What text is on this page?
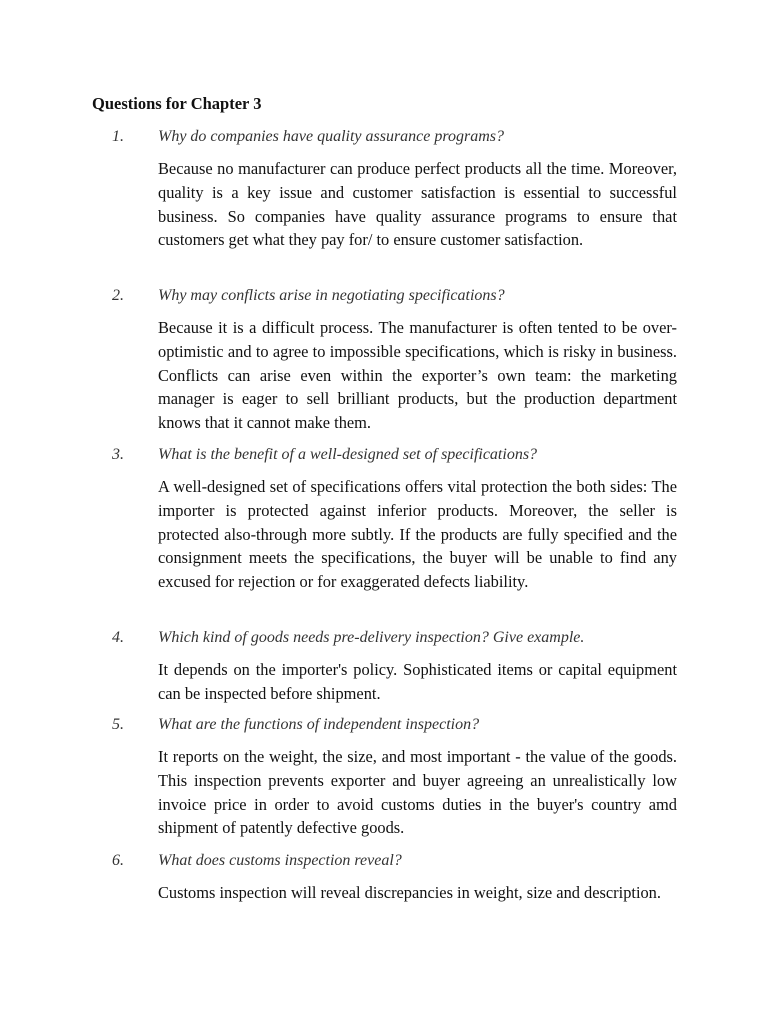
Questions for Chapter 3
1. Why do companies have quality assurance programs?
Because no manufacturer can produce perfect products all the time. Moreover, quality is a key issue and customer satisfaction is essential to successful business. So companies have quality assurance programs to ensure that customers get what they pay for/ to ensure customer satisfaction.
2. Why may conflicts arise in negotiating specifications?
Because it is a difficult process. The manufacturer is often tented to be over- optimistic and to agree to impossible specifications, which is risky in business. Conflicts can arise even within the exporter’s own team: the marketing manager is eager to sell brilliant products, but the production department knows that it cannot make them.
3. What is the benefit of a well-designed set of specifications?
A well-designed set of specifications offers vital protection the both sides: The importer is protected against inferior products. Moreover, the seller is protected also-through more subtly. If the products are fully specified and the consignment meets the specifications, the buyer will be unable to find any excused for rejection or for exaggerated defects liability.
4. Which kind of goods needs pre-delivery inspection? Give example.
It depends on the importer's policy. Sophisticated items or capital equipment can be inspected before shipment.
5. What are the functions of independent inspection?
It reports on the weight, the size, and most important - the value of the goods. This inspection prevents exporter and buyer agreeing an unrealistically low invoice price in order to avoid customs duties in the buyer's country amd shipment of patently defective goods.
6. What does customs inspection reveal?
Customs inspection will reveal discrepancies in weight, size and description.
